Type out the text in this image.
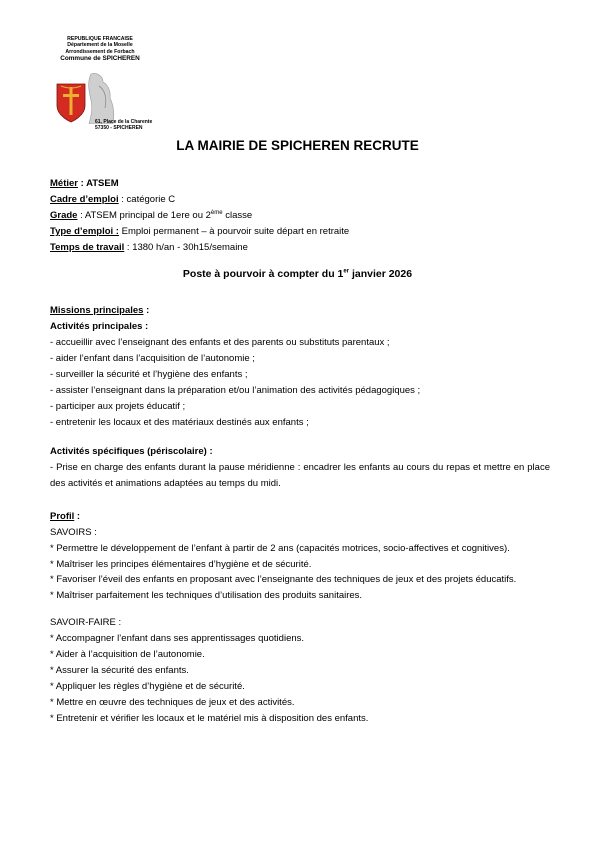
REPUBLIQUE FRANCAISE
Département de la Moselle
Arrondissement de Forbach
Commune de SPICHEREN
61, Place de la Charente
57350 - SPICHEREN
LA MAIRIE DE SPICHEREN RECRUTE
Métier : ATSEM
Cadre d’emploi : catégorie C
Grade : ATSEM principal de 1ere ou 2ème classe
Type d’emploi : Emploi permanent – à pourvoir suite départ en retraite
Temps de travail : 1380 h/an - 30h15/semaine
Poste à pourvoir à compter du 1er janvier 2026
Missions principales :
Activités principales :
- accueillir avec l’enseignant des enfants et des parents ou substituts parentaux ;
- aider l’enfant dans l’acquisition de l’autonomie ;
- surveiller la sécurité et l’hygiène des enfants ;
- assister l’enseignant dans la préparation et/ou l’animation des activités pédagogiques ;
- participer aux projets éducatif ;
- entretenir les locaux et des matériaux destinés aux enfants ;
Activités spécifiques (périscolaire) :
- Prise en charge des enfants durant la pause méridienne : encadrer les enfants au cours du repas et mettre en place des activités et animations adaptées au temps du midi.
Profil :
SAVOIRS :
* Permettre le développement de l’enfant à partir de 2 ans (capacités motrices, socio-affectives et cognitives).
* Maîtriser les principes élémentaires d’hygiène et de sécurité.
* Favoriser l’éveil des enfants en proposant avec l’enseignante des techniques de jeux et des projets éducatifs.
* Maîtriser parfaitement les techniques d’utilisation des produits sanitaires.
SAVOIR-FAIRE :
* Accompagner l’enfant dans ses apprentissages quotidiens.
* Aider à l’acquisition de l’autonomie.
* Assurer la sécurité des enfants.
* Appliquer les règles d’hygiène et de sécurité.
* Mettre en œuvre des techniques de jeux et des activités.
* Entretenir et vérifier les locaux et le matériel mis à disposition des enfants.
